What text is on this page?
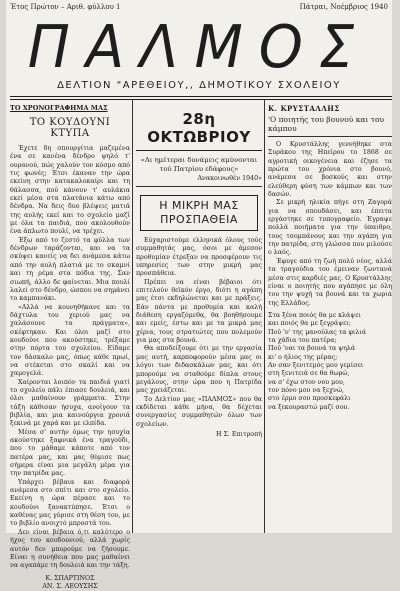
Έτος Πρώτον – Αριθ. φύλλου 1	Πάτραι, Νοέμβριος 1940
ΠΑΛΜΟΣ
ΔΕΛΤΙΟΝ "ΑΡΕΘΕΙΟΥ,, ΔΗΜΟΤΙΚΟΥ ΣΧΟΛΕΙΟΥ
ΤΟ ΧΡΟΝΟΓΡΑΦΗΜΑ ΜΑΣ
ΤΟ ΚΟΥΔΟΥΝΙ ΚΤΥΠΑ

Έχετε δη σπουργίτια μαζεμένα ένα σε κανένα δένδρο ψηλό τ' ουρανού, πώς χαλούν τον κόσμο από τις φωνές; Έτσι έκαναν την ώρα εκείνη στην κατακαλοκαίρι και τη θάλασσα, πού κάνουν τ' αυλάκια εκεί μέσα στα πλατάνια κάτω από δένδρα. Να δεις δυο βλέψεις ματιά της αυλής εκεί και το σχολείο μαζί με όλα τα παιδιά, που ακολουθούν ένα άπλωτο πουλί, να τρέχει.

Έξω από το ζεστό τα φύλλα των δένδρων ταράζονται, και να τα σκύψει κανείς να δει ανάμεσα κάτω από την αυλή πλατιά με το σκαμνί και τη ρέμα στα πόδια της. Σαν σιωπή, άλλο δε φαίνεται. Μια πουλί λαλεί στο δένδρο, ώσπου να σημάνει το καμπανάκι.

«Αλλά να κουνηθήκανε και τα δάχτυλα του χεριού μας να χαλάσουνε τα πράγματα», σκέφτηκαν. Και όλοι μαζί στο κουδούνι που ακούστηκε, τρέξαμε στην πόρτα του σχολείου. Είδαμε τον δάσκαλο μας, όπως κάθε πρωί, να στέκεται στο σκαλί και να χαμογελά.

Χαίρονται λοιπόν τα παιδιά γιατί το σχολείο πάλι έπιασε δουλειά, και όλοι μαθαίνουν γράμματα. Στην τάξη κάθισαν ήσυχα, ανοίγουν τα βιβλία, και μια καινούργια χρονιά ξεκινά με χαρά και με ελπίδα.

Μέσα σ' αυτήν όμως την ησυχία ακούστηκε ξαφνικά ένα τραγούδι, που το μάθαμε κάποτε από τον πατέρα μας, και μας θύμισε πως σήμερα είναι μια μεγάλη μέρα για την πατρίδα μας.

Υπάρχει βέβαια και διαφορά ανάμεσα στο σπίτι και στο σχολείο. Εκείνη η ώρα πέρασε και το κουδούνι ξανακτύπησε. Έτσι ο καθένας μας γύρισε στη θέση του, με το βιβλίο ανοιχτό μπροστά του.

Δεν είναι βέβαια ό,τι καλύτερο ο ήχος του κουδουνιού, αλλά χωρίς αυτόν δεν μπορούμε να ζήσουμε. Είναι η συνήθεια που μας μαθαίνει να αγαπάμε τη δουλειά και την τάξη.

Κ. ΣΠΑΡΤΙΝΟΣ
ΑΝ. Σ. ΛΕΟΥΣΗΣ
28η ΟΚΤΩΒΡΙΟΥ
«Αι ημέτεραι δυνάμεις αμύνονται τού Πατρίου εδάφους»
Ανακοινωθέν 1940»
Η ΜΙΚΡΗ ΜΑΣ ΠΡΟΣΠΑΘΕΙΑ

Εύχαριστούμε ελληνικά όλους τούς συμμαθητάς μας, όσοι με άμεσον προθυμίαν έτρεξαν να προσφέρουν τις υπηρεσίες των στην μικρή μας προσπάθεια.

Πρέπει να είναι βέβαιοι ότι επιτελούν θεϊκόν έργο, διότι η αγάπη μας έτσι εκδηλώνεται και με πράξεις. Εάν πάντα με προθυμία και καλή διάθεση εργαζόμεθα, θα βοηθήσουμε και εμείς, έστω και με τα μικρά μας χέρια, τους στρατιώτες που πολεμούν για μας στα βουνά.

Θα αποδείξουμε ότι με την εργασία μας αυτή, καρποφορούν μέσα μας οι λόγοι των διδασκάλων μας, και ότι μπορούμε να σταθούμε δίπλα στους μεγάλους, στην ώρα που η Πατρίδα μας χρειάζεται.

Το Δελτίον μας «ΠΑΛΜΟΣ» που θα εκδίδεται κάθε μήνα, θα δέχεται συνεργασίες συμμαθητών όλων των σχολείων.

Η Σ. Επιτροπή
Κ. ΚΡΥΣΤΑΛΛΗΣ
'Ο ποιητής του βουνού και του κάμπου

Ο Κρυστάλλης γεννήθηκε στα Συράκου της Ηπείρου το 1868 σε αγροτική οικογένεια και έζησε τα πρώτα του χρόνια στο βουνό, ανάμεσα σε βοσκούς και στην ελεύθερη φύση των κάμπων και των δασών.

Σε μικρή ηλικία πήγε στη Ζαγορά για να σπουδάσει, και έπειτα εργάστηκε σε τυπογραφείο. Έγραψε πολλά ποιήματα για την ύπαιθρο, τους τσομπάνους και την αγάπη για την πατρίδα, στη γλώσσα που μιλούσε ο λαός.

Έφυγε από τη ζωή πολύ νέος, αλλά τα τραγούδια του έμειναν ζωντανά μέσα στις καρδιές μας. Ο Κρυστάλλης είναι ο ποιητής που αγάπησε με όλη του την ψυχή τα βουνά και τα χωριά της Ελλάδος.

Στα ξένα ποιός θα με κλάψει
και ποιός θα με ξεγράψει;
Πού 'ν' της μανούλας τα φιλιά
τα χάδια του πατέρα;
Πού 'ναι τα βουνά τα ψηλά
κι' ο ήλιος της μέρας;
Αν σαν ξενιτεμός μου γεμίσει
στη ξενιτειά σε θα θωρώ,
να σ' έχω στον νου μου,
τον πόνο μου να ξεχνώ,
στο έρμο σου προσκεφάλι
να ξεκουραστώ μαζί σου.
